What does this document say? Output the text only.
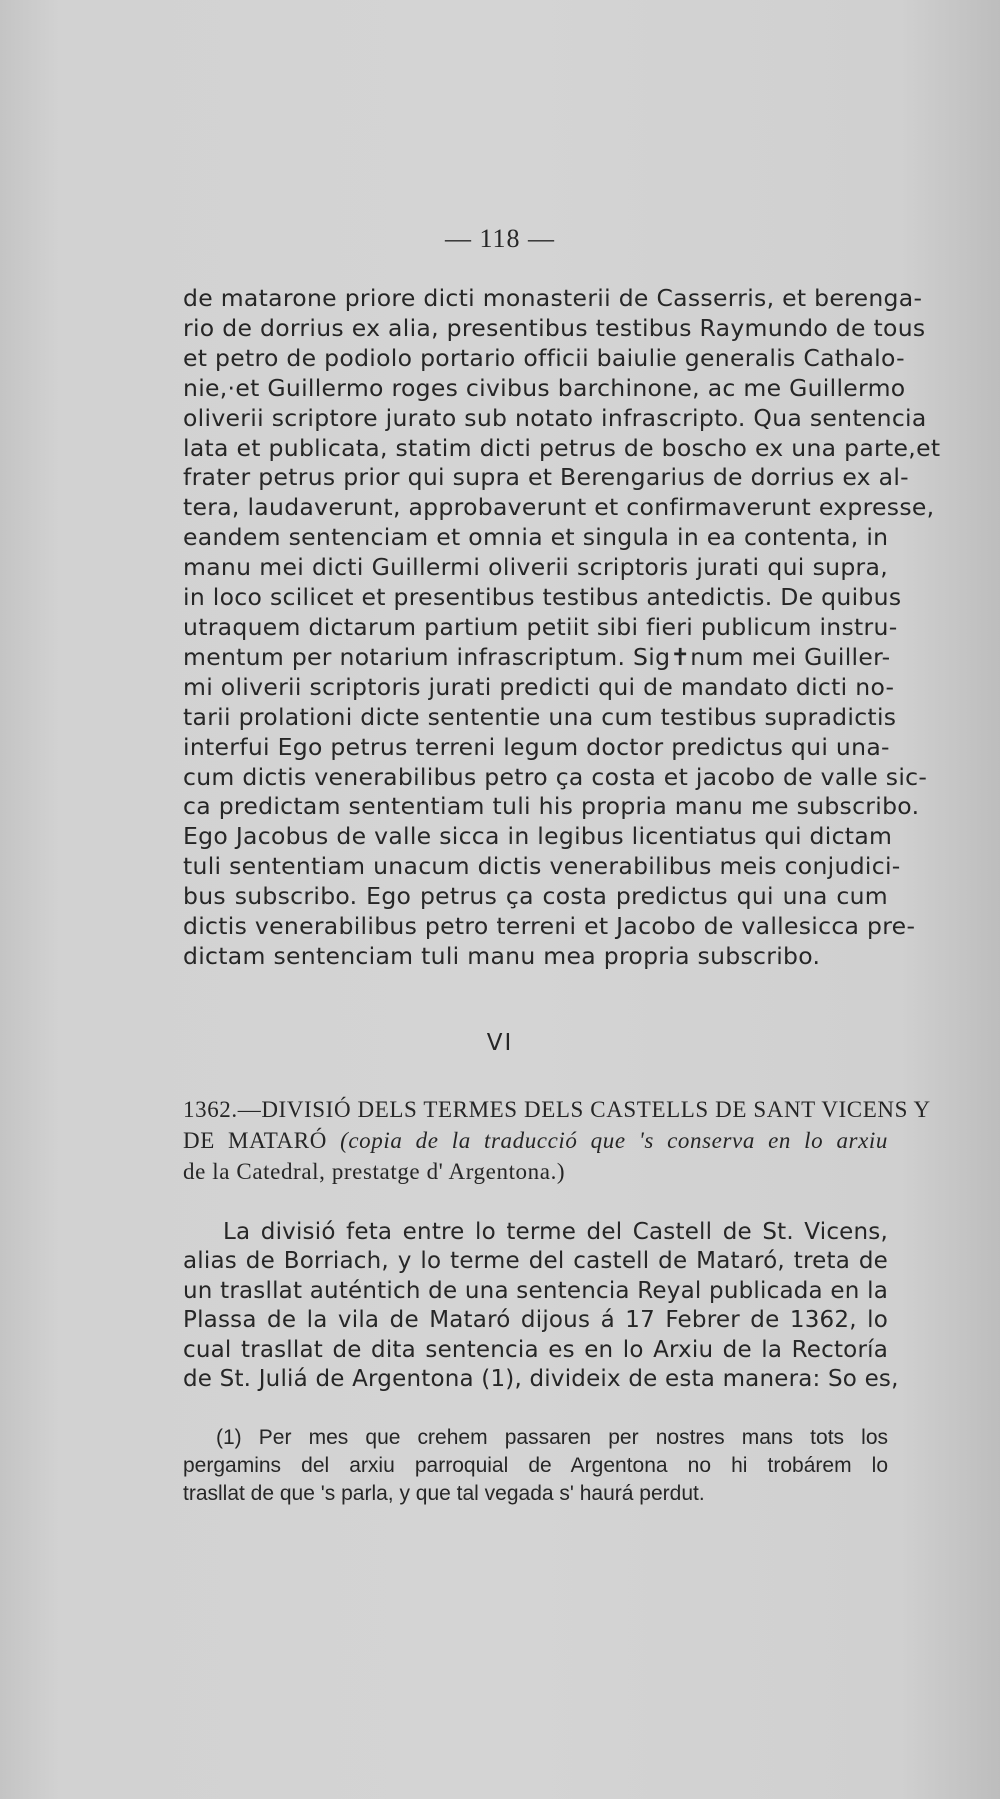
— 118 —
de matarone priore dicti monasterii de Casserris, et berenga-
rio de dorrius ex alia, presentibus testibus Raymundo de tous
et petro de podiolo portario officii baiulie generalis Cathalo-
nie,·et Guillermo roges civibus barchinone, ac me Guillermo
oliverii scriptore jurato sub notato infrascripto. Qua sentencia
lata et publicata, statim dicti petrus de boscho ex una parte,et
frater petrus prior qui supra et Berengarius de dorrius ex al-
tera, laudaverunt, approbaverunt et confirmaverunt expresse,
eandem sentenciam et omnia et singula in ea contenta, in
manu mei dicti Guillermi oliverii scriptoris jurati qui supra,
in loco scilicet et presentibus testibus antedictis. De quibus
utraquem dictarum partium petiit sibi fieri publicum instru-
mentum per notarium infrascriptum. Sig✝num mei Guiller-
mi oliverii scriptoris jurati predicti qui de mandato dicti no-
tarii prolationi dicte sententie una cum testibus supradictis
interfui Ego petrus terreni legum doctor predictus qui una-
cum dictis venerabilibus petro ça costa et jacobo de valle sic-
ca predictam sententiam tuli his propria manu me subscribo.
Ego Jacobus de valle sicca in legibus licentiatus qui dictam
tuli sententiam unacum dictis venerabilibus meis conjudici-
bus subscribo. Ego petrus ça costa predictus qui una cum
dictis venerabilibus petro terreni et Jacobo de vallesicca pre-
dictam sentenciam tuli manu mea propria subscribo.
VI
1362.—DIVISIÓ DELS TERMES DELS CASTELLS DE SANT VICENS Y
DE MATARÓ (copia de la traducció que 's conserva en lo arxiu
de la Catedral, prestatge d' Argentona.)
La divisió feta entre lo terme del Castell de St. Vicens,
alias de Borriach, y lo terme del castell de Mataró, treta de
un trasllat auténtich de una sentencia Reyal publicada en la
Plassa de la vila de Mataró dijous á 17 Febrer de 1362, lo
cual trasllat de dita sentencia es en lo Arxiu de la Rectoría
de St. Juliá de Argentona (1), divideix de esta manera: So es,
(1) Per mes que crehem passaren per nostres mans tots los
pergamins del arxiu parroquial de Argentona no hi trobárem lo
trasllat de que 's parla, y que tal vegada s' haurá perdut.
